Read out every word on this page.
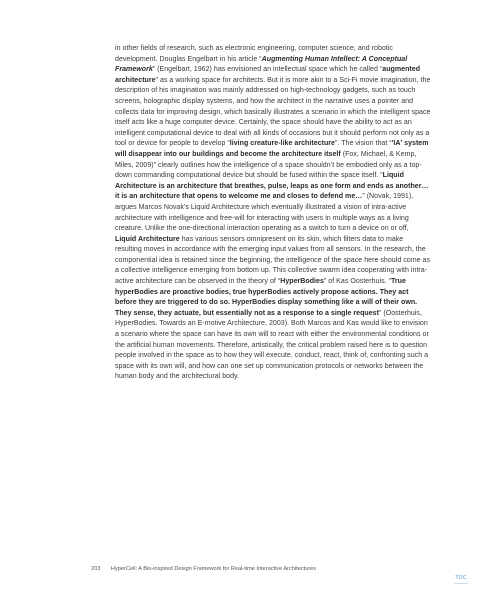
in other fields of research, such as electronic engineering, computer science, and robotic development. Douglas Engelbart in his article “Augmenting Human Intellect: A Conceptual Framework” (Engelbart, 1962) has envisioned an intellectual space which he called “augmented architecture” as a working space for architects. But it is more akin to a Sci-Fi movie imagination, the description of his imagination was mainly addressed on high-technology gadgets, such as touch screens, holographic display systems, and how the architect in the narrative uses a pointer and collects data for improving design, which basically illustrates a scenario in which the intelligent space itself acts like a huge computer device. Certainly, the space should have the ability to act as an intelligent computational device to deal with all kinds of occasions but it should perform not only as a tool or device for people to develop “living creature-like architecture”. The vision that “'IA' system will disappear into our buildings and become the architecture itself (Fox, Michael, & Kemp, Miles, 2009)” clearly outlines how the intelligence of a space shouldn’t be embodied only as a top-down commanding computational device but should be fused within the space itself. “Liquid Architecture is an architecture that breathes, pulse, leaps as one form and ends as another…it is an architecture that opens to welcome me and closes to defend me…” (Novak, 1991), argues Marcos Novak’s Liquid Architecture which eventually illustrated a vision of intra-active architecture with intelligence and free-will for interacting with users in multiple ways as a living creature. Unlike the one-directional interaction operating as a switch to turn a device on or off, Liquid Architecture has various sensors omnipresent on its skin, which filters data to make resulting moves in accordance with the emerging input values from all sensors. In the research, the componential idea is retained since the beginning, the intelligence of the space here should come as a collective intelligence emerging from bottom up. This collective swarm idea cooperating with intra-active architecture can be observed in the theory of “HyperBodies” of Kas Oosterhuis. “True hyperBodies are proactive bodies, true hyperBodies actively propose actions. They act before they are triggered to do so. HyperBodies display something like a will of their own. They sense, they actuate, but essentially not as a response to a single request” (Oosterhuis, HyperBodies. Towards an E-motive Architecture, 2003). Both Marcos and Kas would like to envision a scenario where the space can have its own will to react with either the environmental conditions or the artificial human movements. Therefore, artistically, the critical problem raised here is to question people involved in the space as to how they will execute, conduct, react, think of, confronting such a space with its own will, and how can one set up communication protocols or networks between the human body and the architectural body.
203 HyperCell: A Bio-inspired Design Framework for Real-time Interactive Architectures
TOC
